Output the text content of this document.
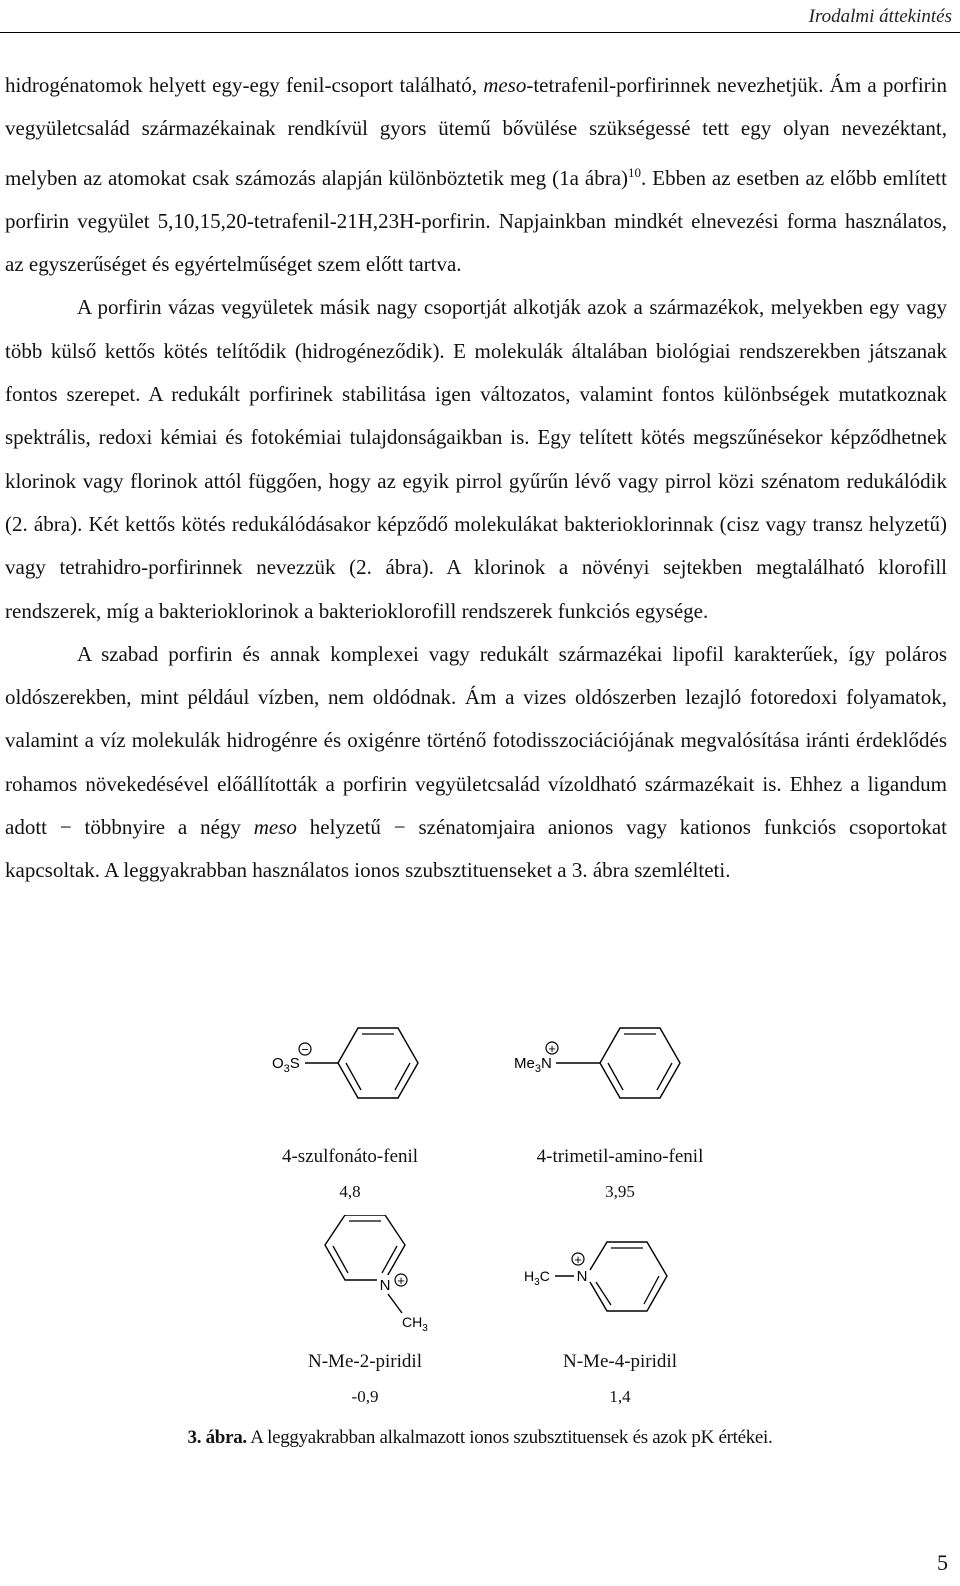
Irodalmi áttekintés

hidrogénatomok helyett egy-egy fenil-csoport található, meso-tetrafenil-porfirinnek nevezhetjük. Ám a porfirin vegyületcsalád származékainak rendkívül gyors ütemű bővülése szükségessé tett egy olyan nevezéktant, melyben az atomokat csak számozás alapján különböztetik meg (1a ábra)$^{10}$. Ebben az esetben az előbb említett porfirin vegyület 5,10,15,20-tetrafenil-21H,23H-porfirin. Napjainkban mindkét elnevezési forma használatos, az egyszerűséget és egyértelműséget szem előtt tartva.

A porfirin vázas vegyületek másik nagy csoportját alkotják azok a származékok, melyekben egy vagy több külső kettős kötés telítődik (hidrogéneződik). E molekulák általában biológiai rendszerekben játszanak fontos szerepet. A redukált porfirinek stabilitása igen változatos, valamint fontos különbségek mutatkoznak spektrális, redoxi kémiai és fotokémiai tulajdonságaikban is. Egy telített kötés megszűnésekor képződhetnek klorinok vagy florinok attól függően, hogy az egyik pirrol gyűrűn lévő vagy pirrol közi szénatom redukálódik (2. ábra). Két kettős kötés redukálódásakor képződő molekulákat bakterioklorinnak (cisz vagy transz helyzetű) vagy tetrahidro-porfirinnek nevezzük (2. ábra). A klorinok a növényi sejtekben megtalálható klorofill rendszerek, míg a bakterioklorinok a bakterioklorofill rendszerek funkciós egysége.

A szabad porfirin és annak komplexei vagy redukált származékai lipofil karakterűek, így poláros oldószerekben, mint például vízben, nem oldódnak. Ám a vizes oldószerben lezajló fotoredoxi folyamatok, valamint a víz molekulák hidrogénre és oxigénre történő fotodisszociációjának megvalósítása iránti érdeklődés rohamos növekedésével előállították a porfirin vegyületcsalád vízoldható származékait is. Ehhez a ligandum adott − többnyire a négy meso helyzetű − szénatomjaira anionos vagy kationos funkciós csoportokat kapcsoltak. A leggyakrabban használatos ionos szubsztituenseket a 3. ábra szemlélteti.

$O_3S$
−
4-szulfonáto-fenil
4,8
$Me_3N$
+
4-trimetil-amino-fenil
3,95
N +
$CH_3$
N-Me-2-piridil
-0,9
$H_3C$ N
+
N-Me-4-piridil
1,4
3. ábra. A leggyakrabban alkalmazott ionos szubsztituensek és azok pK értékei.
5
